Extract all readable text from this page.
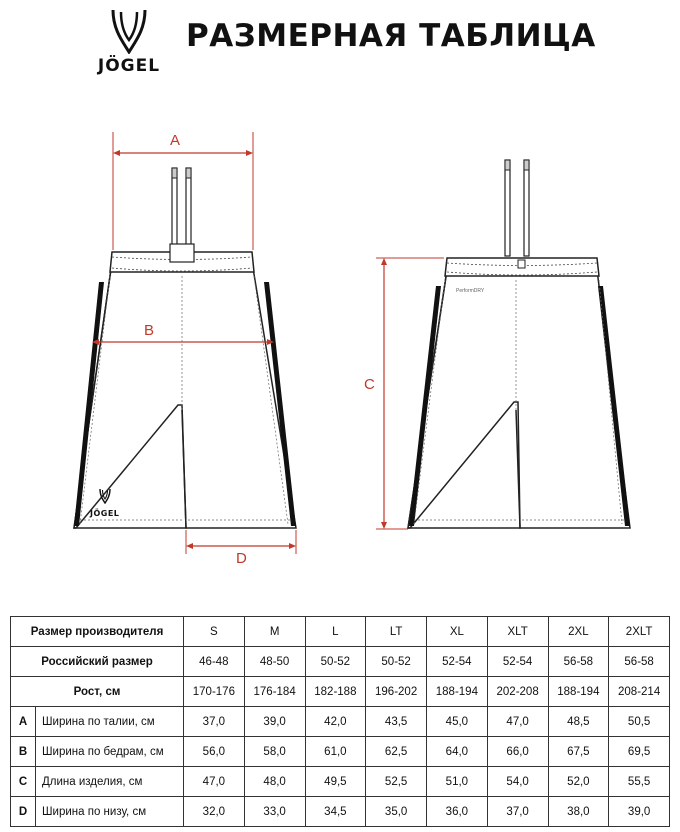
JÖGEL
РАЗМЕРНАЯ ТАБЛИЦА
PerformDRY
A
B
C
D
JÖGEL
Размер производителя		S	M	L	LT	XL	XLT	2XL	2XLT
Российский размер		46-48	48-50	50-52	50-52	52-54	52-54	56-58	56-58
Рост, см		170-176	176-184	182-188	196-202	188-194	202-208	188-194	208-214
A	Ширина по талии, см	37,0	39,0	42,0	43,5	45,0	47,0	48,5	50,5
B	Ширина по бедрам, см	56,0	58,0	61,0	62,5	64,0	66,0	67,5	69,5
C	Длина изделия, см	47,0	48,0	49,5	52,5	51,0	54,0	52,0	55,5
D	Ширина по низу, см	32,0	33,0	34,5	35,0	36,0	37,0	38,0	39,0
